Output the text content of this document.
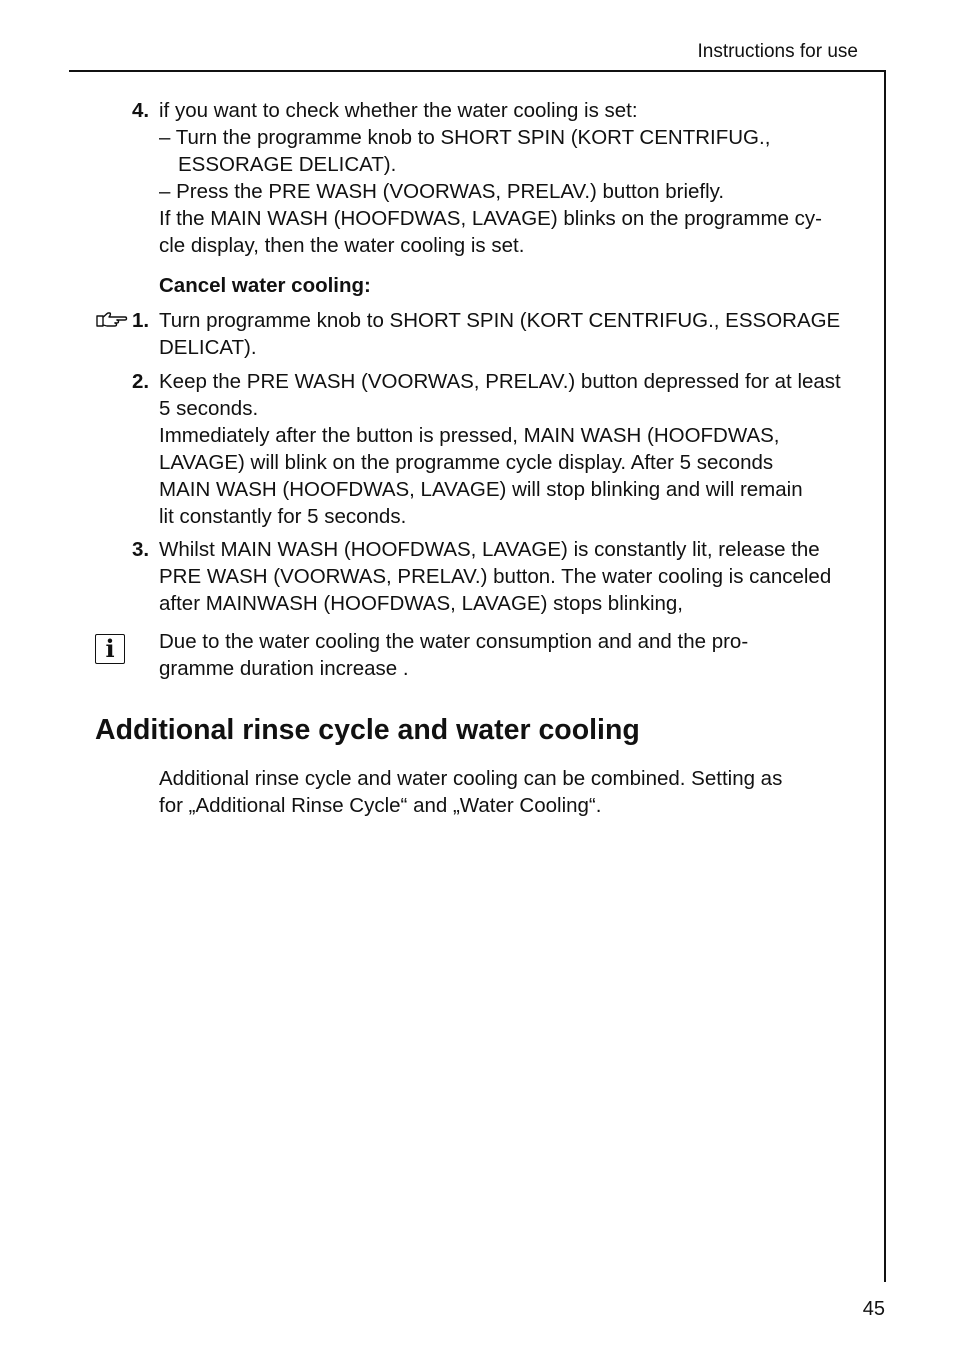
Instructions for use
4. if you want to check whether the water cooling is set:
– Turn the programme knob to SHORT SPIN (KORT CENTRIFUG.,
ESSORAGE DELICAT).
– Press the PRE WASH (VOORWAS, PRELAV.) button briefly.
If the MAIN WASH (HOOFDWAS, LAVAGE) blinks on the programme cy-
cle display, then the water cooling is set.
Cancel water cooling:
1. Turn programme knob to SHORT SPIN (KORT CENTRIFUG., ESSORAGE
DELICAT).
2. Keep the PRE WASH (VOORWAS, PRELAV.) button depressed for at least
5 seconds.
Immediately after the button is pressed, MAIN WASH (HOOFDWAS,
LAVAGE) will blink on the programme cycle display. After 5 seconds
MAIN WASH (HOOFDWAS, LAVAGE) will stop blinking and will remain
lit constantly for 5 seconds.
3. Whilst MAIN WASH (HOOFDWAS, LAVAGE) is constantly lit, release the
PRE WASH (VOORWAS, PRELAV.) button. The water cooling is canceled
after MAINWASH (HOOFDWAS, LAVAGE) stops blinking,
i	Due to the water cooling the water consumption and and the pro-
gramme duration increase .
Additional rinse cycle and water cooling
Additional rinse cycle and water cooling can be combined. Setting as
for „Additional Rinse Cycle“ and „Water Cooling“.
45
